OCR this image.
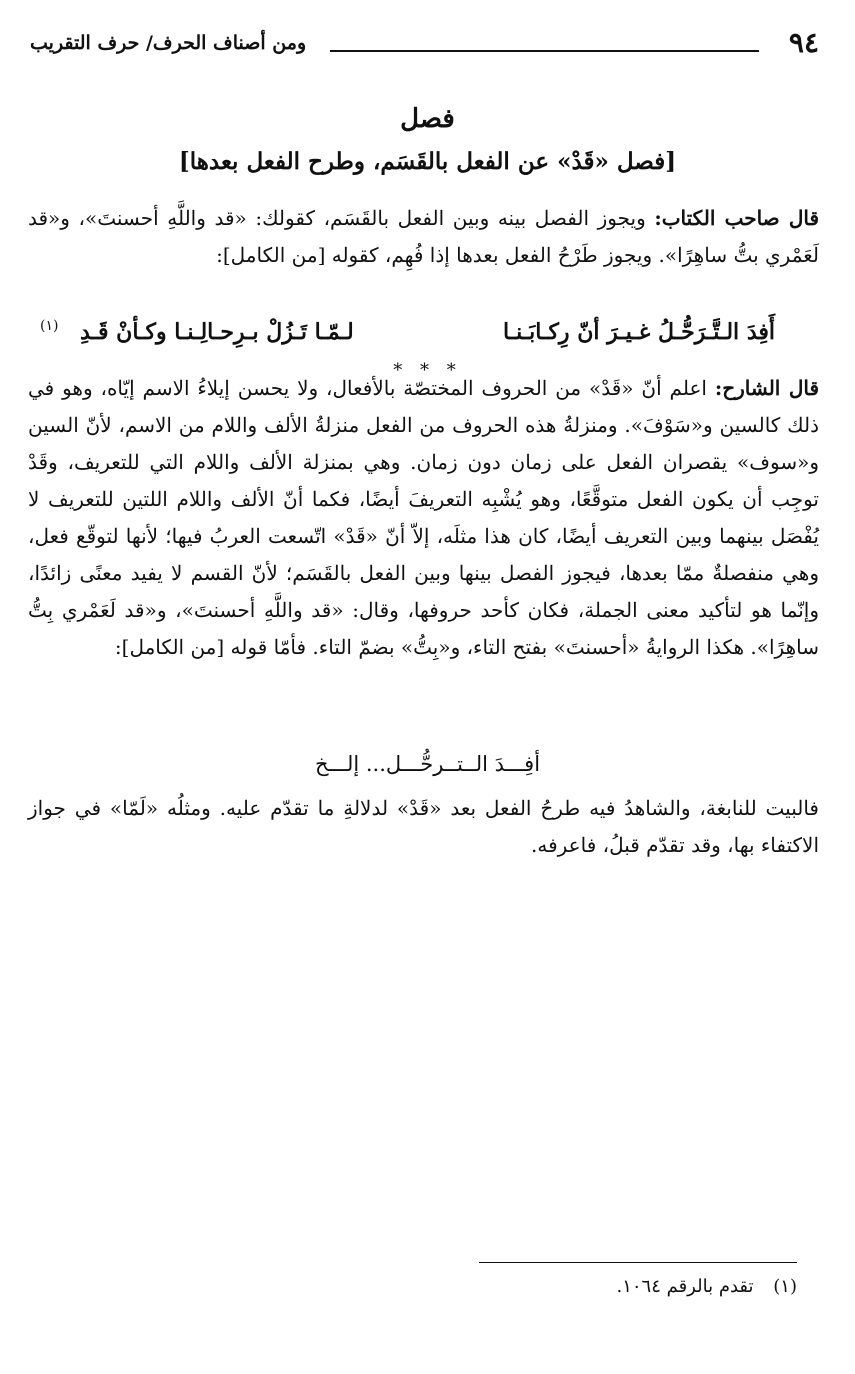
٩٤
ومن أصناف الحرف/ حرف التقريب
فصل
[فصل «قَدْ» عن الفعل بالقَسَم، وطرح الفعل بعدها]
قال صاحب الكتاب: ويجوز الفصل بينه وبين الفعل بالقَسَم، كقولك: «قد واللَّهِ أحسنتَ»، و«قد لَعَمْري بتُّ ساهِرًا». ويجوز طَرْحُ الفعل بعدها إذا فُهِم، كقوله [من الكامل]:
أَفِدَ الـتَّـرَحُّـلُ غـيـرَ أنّ رِكـابَـنـا
لـمّـا تَـزُلْ بـرِحـالِـنـا وكـأنْ قَـدِ
(١)
* * *
قال الشارح: اعلم أنّ «قَدْ» من الحروف المختصّة بالأفعال، ولا يحسن إيلاءُ الاسم إيّاه، وهو في ذلك كالسين و«سَوْفَ». ومنزلةُ هذه الحروف من الفعل منزلةُ الألف واللام من الاسم، لأنّ السين و«سوف» يقصران الفعل على زمان دون زمان. وهي بمنزلة الألف واللام التي للتعريف، وقَدْ توجِب أن يكون الفعل متوقَّعًا، وهو يُشْبِه التعريفَ أيضًا، فكما أنّ الألف واللام اللتين للتعريف لا يُفْصَل بينهما وبين التعريف أيضًا، كان هذا مثلَه، إلاّ أنّ «قَدْ» اتّسعت العربُ فيها؛ لأنها لتوقّع فعل، وهي منفصلةٌ ممّا بعدها، فيجوز الفصل بينها وبين الفعل بالقَسَم؛ لأنّ القسم لا يفيد معنًى زائدًا، وإنّما هو لتأكيد معنى الجملة، فكان كأحد حروفها، وقال: «قد واللَّهِ أحسنتَ»، و«قد لَعَمْري بِتُّ ساهِرًا». هكذا الروايةُ «أحسنتَ» بفتح التاء، و«بِتُّ» بضمّ التاء. فأمّا قوله [من الكامل]:
أفِـــدَ الــتــرحُّـــل... إلـــخ
فالبيت للنابغة، والشاهدُ فيه طرحُ الفعل بعد «قَدْ» لدلالةِ ما تقدّم عليه. ومثلُه «لَمّا» في جواز الاكتفاء بها، وقد تقدّم قبلُ، فاعرفه.
(١) تقدم بالرقم ١٠٦٤.
